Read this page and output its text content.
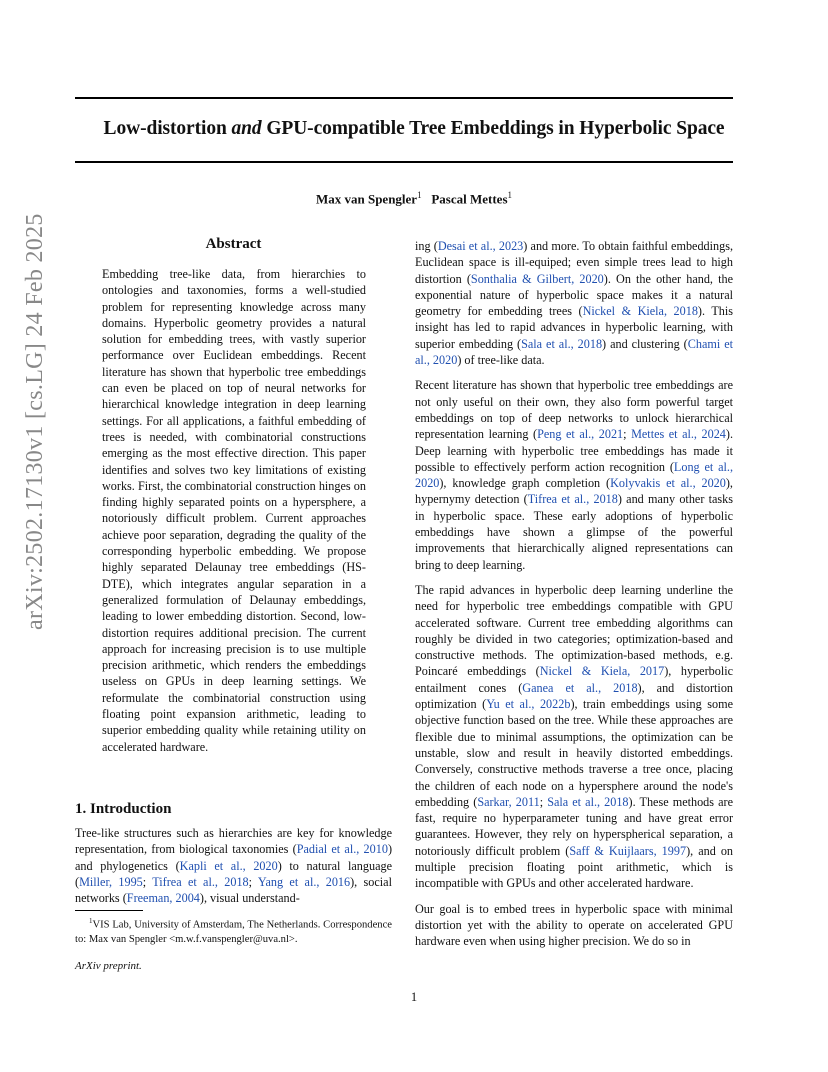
Low-distortion and GPU-compatible Tree Embeddings in Hyperbolic Space
Max van Spengler$^1$ Pascal Mettes$^1$
arXiv:2502.17130v1 [cs.LG] 24 Feb 2025	Abstract
Embedding tree-like data, from hierarchies to ontologies and taxonomies, forms a well-studied problem for representing knowledge across many domains. Hyperbolic geometry provides a natural solution for embedding trees, with vastly superior performance over Euclidean embeddings. Recent literature has shown that hyperbolic tree embeddings can even be placed on top of neural networks for hierarchical knowledge integration in deep learning settings. For all applications, a faithful embedding of trees is needed, with combinatorial constructions emerging as the most effective direction. This paper identifies and solves two key limitations of existing works. First, the combinatorial construction hinges on finding highly separated points on a hypersphere, a notoriously difficult problem. Current approaches achieve poor separation, degrading the quality of the corresponding hyperbolic embedding. We propose highly separated Delaunay tree embeddings (HS-DTE), which integrates angular separation in a generalized formulation of Delaunay embeddings, leading to lower embedding distortion. Second, low-distortion requires additional precision. The current approach for increasing precision is to use multiple precision arithmetic, which renders the embeddings useless on GPUs in deep learning settings. We reformulate the combinatorial construction using floating point expansion arithmetic, leading to superior embedding quality while retaining utility on accelerated hardware.
1. Introduction
Tree-like structures such as hierarchies are key for knowledge representation, from biological taxonomies (Padial et al., 2010) and phylogenetics (Kapli et al., 2020) to natural language (Miller, 1995; Tifrea et al., 2018; Yang et al., 2016), social networks (Freeman, 2004), visual understand-
$^1$VIS Lab, University of Amsterdam, The Netherlands. Correspondence to: Max van Spengler <m.w.f.vanspengler@uva.nl>.
ArXiv preprint.

ing (Desai et al., 2023) and more. To obtain faithful embeddings, Euclidean space is ill-equiped; even simple trees lead to high distortion (Sonthalia & Gilbert, 2020). On the other hand, the exponential nature of hyperbolic space makes it a natural geometry for embedding trees (Nickel & Kiela, 2018). This insight has led to rapid advances in hyperbolic learning, with superior embedding (Sala et al., 2018) and clustering (Chami et al., 2020) of tree-like data.

Recent literature has shown that hyperbolic tree embeddings are not only useful on their own, they also form powerful target embeddings on top of deep networks to unlock hierarchical representation learning (Peng et al., 2021; Mettes et al., 2024). Deep learning with hyperbolic tree embeddings has made it possible to effectively perform action recognition (Long et al., 2020), knowledge graph completion (Kolyvakis et al., 2020), hypernymy detection (Tifrea et al., 2018) and many other tasks in hyperbolic space. These early adoptions of hyperbolic embeddings have shown a glimpse of the powerful improvements that hierarchically aligned representations can bring to deep learning.

The rapid advances in hyperbolic deep learning underline the need for hyperbolic tree embeddings compatible with GPU accelerated software. Current tree embedding algorithms can roughly be divided in two categories; optimization-based and constructive methods. The optimization-based methods, e.g. Poincaré embeddings (Nickel & Kiela, 2017), hyperbolic entailment cones (Ganea et al., 2018), and distortion optimization (Yu et al., 2022b), train embeddings using some objective function based on the tree. While these approaches are flexible due to minimal assumptions, the optimization can be unstable, slow and result in heavily distorted embeddings. Conversely, constructive methods traverse a tree once, placing the children of each node on a hypersphere around the node's embedding (Sarkar, 2011; Sala et al., 2018). These methods are fast, require no hyperparameter tuning and have great error guarantees. However, they rely on hyperspherical separation, a notoriously difficult problem (Saff & Kuijlaars, 1997), and on multiple precision floating point arithmetic, which is incompatible with GPUs and other accelerated hardware.

Our goal is to embed trees in hyperbolic space with minimal distortion yet with the ability to operate on accelerated GPU hardware even when using higher precision. We do so in

1
